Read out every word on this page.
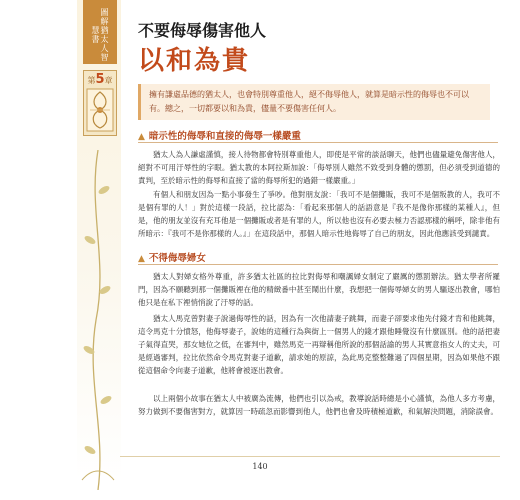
圖解猶太人智慧書
第5章
不要侮辱傷害他人
以和為貴
擁有謙虛品德的猶太人，也會特別尊重他人，絕不侮辱他人，就算是暗示性的侮辱也不可以有。總之，一切都要以和為貴，儘量不要傷害任何人。
▲ 暗示性的侮辱和直接的侮辱一樣嚴重
猶太人為人謙虛謹慎，接人待物都會特別尊重他人，即使是平常的談話聊天，他們也儘量避免傷害他人，絕對不可用汙辱性的字眼。猶太教的本阿拉斯加說：「侮辱別人雖然不致受到身體的懲罰，但必須受到道德的責判，至於暗示性的侮辱和直接了當的侮辱所犯的過錯一樣嚴重。」
有個人和朋友因為一點小事發生了爭吵。他對朋友說：「我可不是個攤販，我可不是個叛教的人，我可不是個有罪的人！」對於這樣一段話，拉比認為：「看起來那個人的話語意是『我不是像你那樣的某種人』，但是，他的朋友並沒有充耳他是一個攤販或者是有罪的人，所以他也沒有必要去極力否認那樣的稱呼，除非他有所暗示：『我可不是你那樣的人。』」在這段話中，那個人暗示性地侮辱了自己的朋友，因此他應該受到譴責。
▲ 不得侮辱婦女
猶太人對婦女格外尊重，許多猶太社區的拉比對侮辱和嘲諷婦女制定了嚴厲的懲罰辦法。猶太學者所羅門，因為不願聽到那一個攤販裡在他的精緻番中甚至鬧出什麼，我想把一個侮辱婦女的男人驅逐出教會，哪怕他只是在私下裡悄悄說了汙辱的話。
猶太人馬克曾對妻子說過侮辱性的話，因為有一次他請妻子跳舞，而妻子卻要求他先付錢才肯和他跳舞，這令馬克十分憤怒，他侮辱妻子，說她的這種行為與街上一個男人的錢才跟他睡覺沒有什麼區別。他的話把妻子氣得直哭，那女她位之低，在審判中，雖然馬克一再辯稱他所說的那個話諭的男人其實意指女人的丈夫，可是經過審判，拉比依然命令馬克對妻子道歉，請求她的原諒，為此馬克整整難過了四個星期，因為如果他不跟從這個命令向妻子道歉，他將會被逐出教會。
以上兩個小故事在猶太人中被廣為流傳，他們也引以為戒，教導說話時總是小心謹慎，為他人多方考慮，努力做到不要傷害對方，就算因一時疏忽而影響到他人，他們也會及時積極道歉，和氣解決問題，消除誤會。
140
